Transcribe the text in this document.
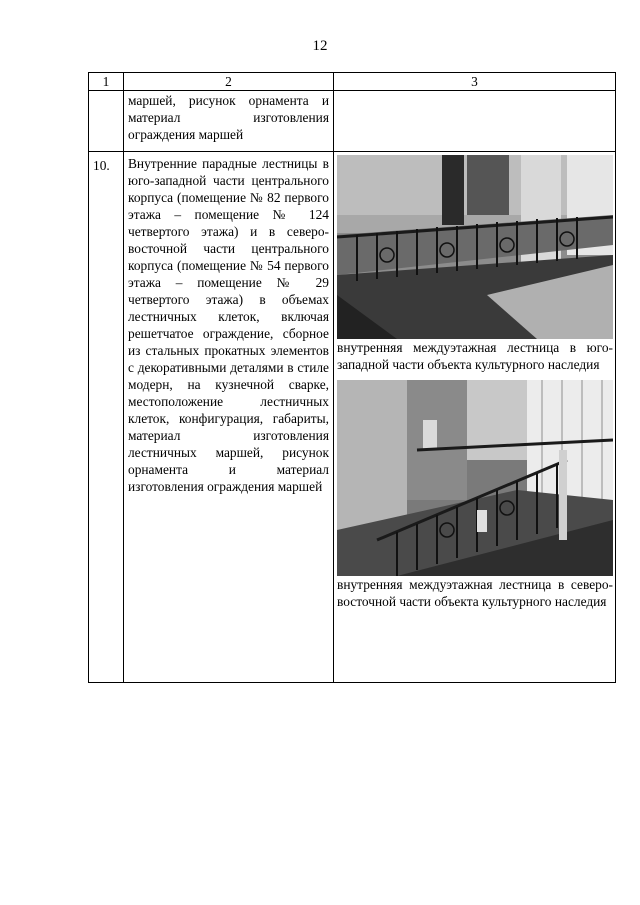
12
1	2	3

	маршей, рисунок орнамента и материал изготовления ограждения маршей	

10.	Внутренние парадные лестницы в юго-западной части центрального корпуса (помещение № 82 первого этажа – помещение № 124 четвертого этажа) и в северо-восточной части центрального корпуса (помещение № 54 первого этажа – помещение № 29 четвертого этажа) в объемах лестничных клеток, включая решетчатое ограждение, сборное из стальных прокатных элементов с декоративными деталями в стиле модерн, на кузнечной сварке, местоположение лестничных клеток, конфигурация, габариты, материал изготовления лестничных маршей, рисунок орнамента и материал изготовления ограждения маршей	внутренняя междуэтажная лестница в юго-западной части объекта культурного наследия
внутренняя междуэтажная лестница в северо-восточной части объекта культурного наследия
